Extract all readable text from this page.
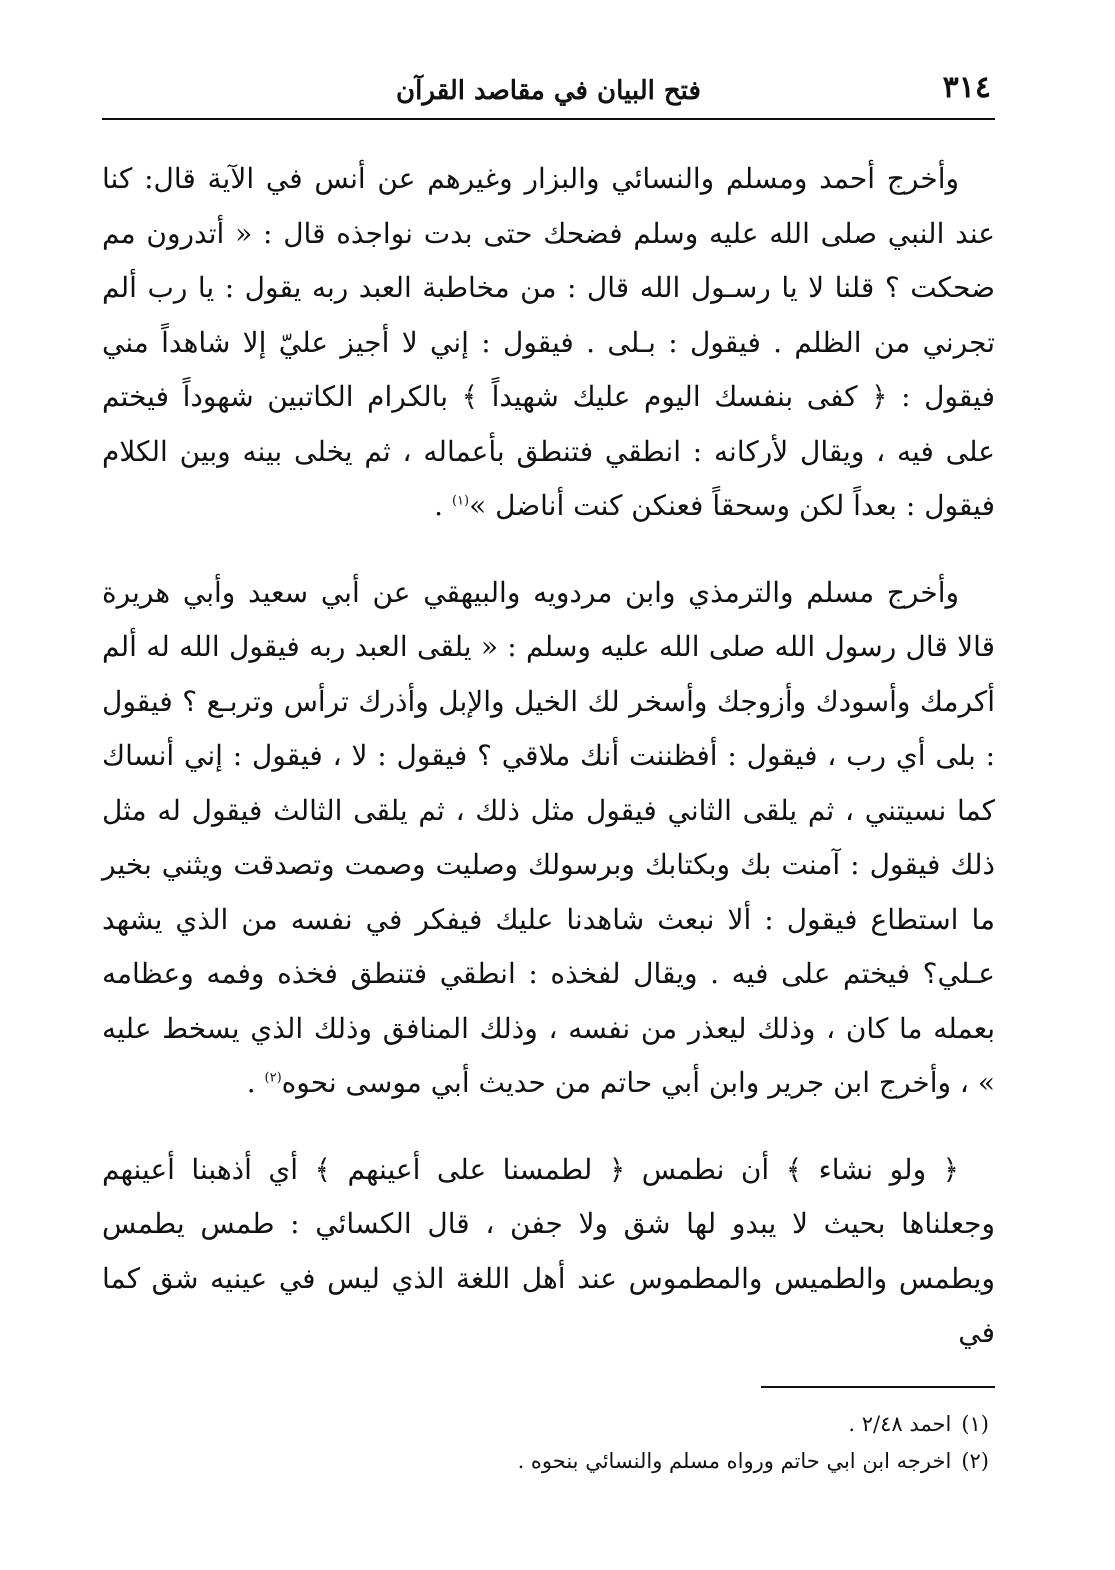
٣١٤
فتح البيان في مقاصد القرآن

وأخرج أحمد ومسلم والنسائي والبزار وغيرهم عن أنس في الآية قال: كنا عند النبي صلى الله عليه وسلم فضحك حتى بدت نواجذه قال : « أتدرون مم ضحكت ؟ قلنا لا يا رسـول الله قال : من مخاطبة العبد ربه يقول : يا رب ألم تجرني من الظلم . فيقول : بـلى . فيقول : إني لا أجيز عليّ إلا شاهداً مني فيقول : ﴿ كفى بنفسك اليوم عليك شهيداً ﴾ بالكرام الكاتبين شهوداً فيختم على فيه ، ويقال لأركانه : انطقي فتنطق بأعماله ، ثم يخلى بينه وبين الكلام فيقول : بعداً لكن وسحقاً فعنكن كنت أناضل »$^{(١)}$ .

وأخرج مسلم والترمذي وابن مردويه والبيهقي عن أبي سعيد وأبي هريرة قالا قال رسول الله صلى الله عليه وسلم : « يلقى العبد ربه فيقول الله له ألم أكرمك وأسودك وأزوجك وأسخر لك الخيل والإبل وأذرك ترأس وتربـع ؟ فيقول : بلى أي رب ، فيقول : أفظننت أنك ملاقي ؟ فيقول : لا ، فيقول : إني أنساك كما نسيتني ، ثم يلقى الثاني فيقول مثل ذلك ، ثم يلقى الثالث فيقول له مثل ذلك فيقول : آمنت بك وبكتابك وبرسولك وصليت وصمت وتصدقت ويثني بخير ما استطاع فيقول : ألا نبعث شاهدنا عليك فيفكر في نفسه من الذي يشهد عـلي؟ فيختم على فيه . ويقال لفخذه : انطقي فتنطق فخذه وفمه وعظامه بعمله ما كان ، وذلك ليعذر من نفسه ، وذلك المنافق وذلك الذي يسخط عليه » ، وأخرج ابن جرير وابن أبي حاتم من حديث أبي موسى نحوه$^{(٢)}$ .

﴿ ولو نشاء ﴾ أن نطمس ﴿ لطمسنا على أعينهم ﴾ أي أذهبنا أعينهم وجعلناها بحيث لا يبدو لها شق ولا جفن ، قال الكسائي : طمس يطمس ويطمس والطميس والمطموس عند أهل اللغة الذي ليس في عينيه شق كما في

(١)احمد ٢/٤٨ .

(٢)اخرجه ابن ابي حاتم ورواه مسلم والنسائي بنحوه .
